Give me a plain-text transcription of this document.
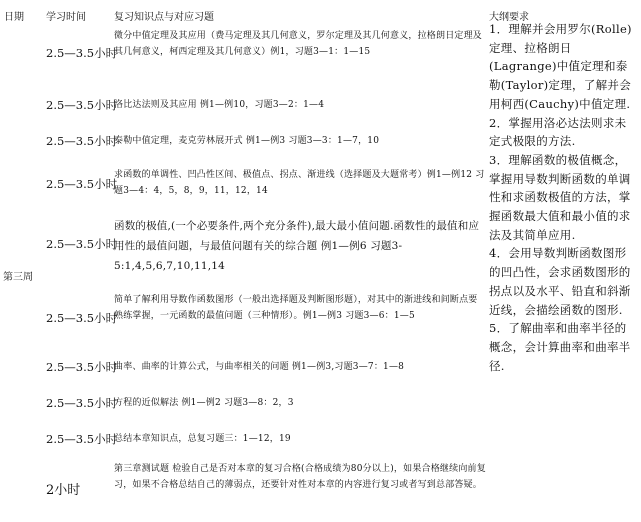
日期 学习时间	复习知识点与对应习题	大纲要求
第三周
2.5—3.5小时
微分中值定理及其应用（费马定理及其几何意义，罗尔定理及其几何意义，拉格朗日定理及其几何意义，柯西定理及其几何意义）例1，习题3—1：1—15
2.5—3.5小时
洛比达法则及其应用 例1—例10，习题3—2：1—4
2.5—3.5小时
泰勒中值定理，麦克劳林展开式 例1—例3 习题3—3：1—7，10
2.5—3.5小时
求函数的单调性、凹凸性区间、极值点、拐点、渐进线（选择题及大题常考）例1—例12 习题3—4：4，5，8，9，11，12，14
2.5—3.5小时
函数的极值,(一个必要条件,两个充分条件),最大最小值问题.函数性的最值和应用性的最值问题，与最值问题有关的综合题 例1—例6 习题3-5:1,4,5,6,7,10,11,14
2.5—3.5小时
简单了解利用导数作函数图形（一般出选择题及判断图形题），对其中的渐进线和间断点要熟练掌握，一元函数的最值问题（三种情形）。例1—例3 习题3—6：1—5
2.5—3.5小时
曲率、曲率的计算公式，与曲率相关的问题 例1—例3,习题3—7：1—8
2.5—3.5小时
方程的近似解法 例1—例2 习题3—8：2，3
2.5—3.5小时
总结本章知识点，总复习题三：1—12，19
2小时
第三章测试题 检验自己是否对本章的复习合格(合格成绩为80分以上)，如果合格继续向前复习，如果不合格总结自己的薄弱点，还要针对性对本章的内容进行复习或者写到总部答疑。

1．理解并会用罗尔(Rolle)定理、拉格朗日(Lagrange)中值定理和泰勒(Taylor)定理，了解并会用柯西(Cauchy)中值定理.

2．掌握用洛必达法则求未定式极限的方法.

3．理解函数的极值概念，掌握用导数判断函数的单调性和求函数极值的方法，掌握函数最大值和最小值的求法及其简单应用.

4．会用导数判断函数图形的凹凸性，会求函数图形的拐点以及水平、铅直和斜渐近线，会描绘函数的图形.

5．了解曲率和曲率半径的概念，会计算曲率和曲率半径.
